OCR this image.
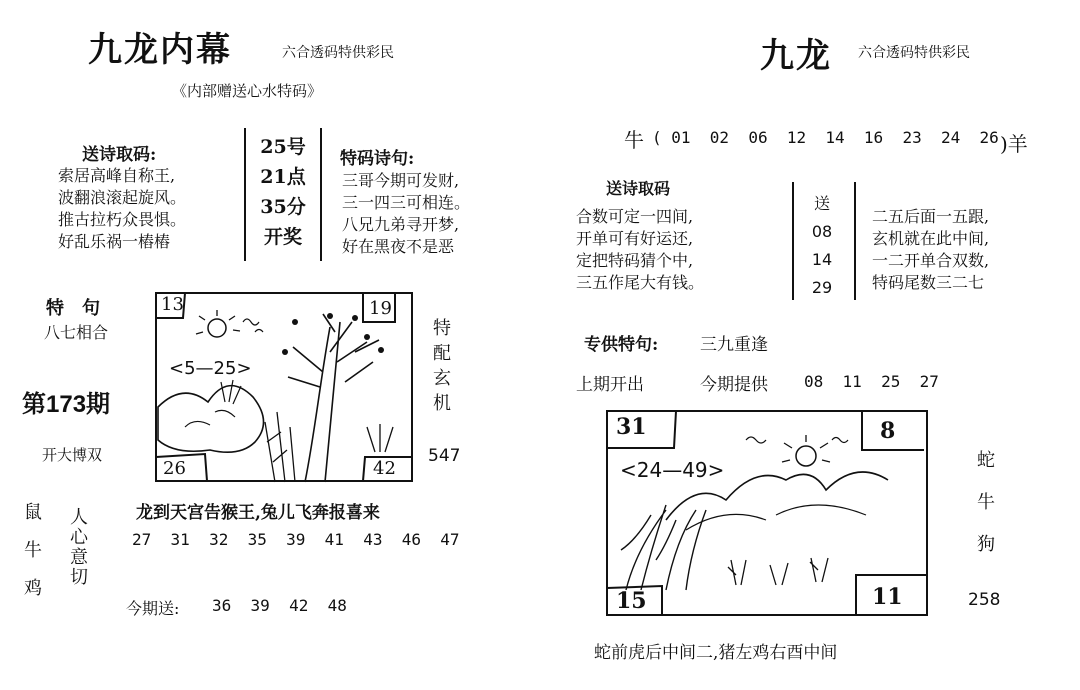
九龙内幕	六合透码特供彩民
《内部赠送心水特码》
送诗取码:
索居高峰自称王,
波翻浪滚起旋风。
推古拉朽众畏惧。
好乱乐祸一樁樁
25号
21点
35分
开奖
特码诗句:
三哥今期可发财,
三一四三可相连。
八兄九弟寻开梦,
好在黑夜不是恶
特　句
八七相合
第173期
开大博双
13	19
26	42
<5—25>
特
配
玄
机
547
鼠
牛
鸡
人
心
意
切
龙到天宫告猴王,兔儿飞奔报喜来
27  31  32  35  39  41  43  46  47
今期送: 36  39  42  48
九龙 六合透码特供彩民
牛 ( 01  02  06  12  14  16  23  24  26 )羊
送诗取码
合数可定一四间,
开单可有好运还,
定把特码猜个中,
三五作尾大有钱。
送
08
14
29
二五后面一五跟,
玄机就在此中间,
一二开单合双数,
特码尾数三二七
专供特句: 三九重逢
上期开出	今期提供 08  11  25  27
31	8
15	11
<24—49>	蛇
牛
狗
258
蛇前虎后中间二,猪左鸡右酉中间
